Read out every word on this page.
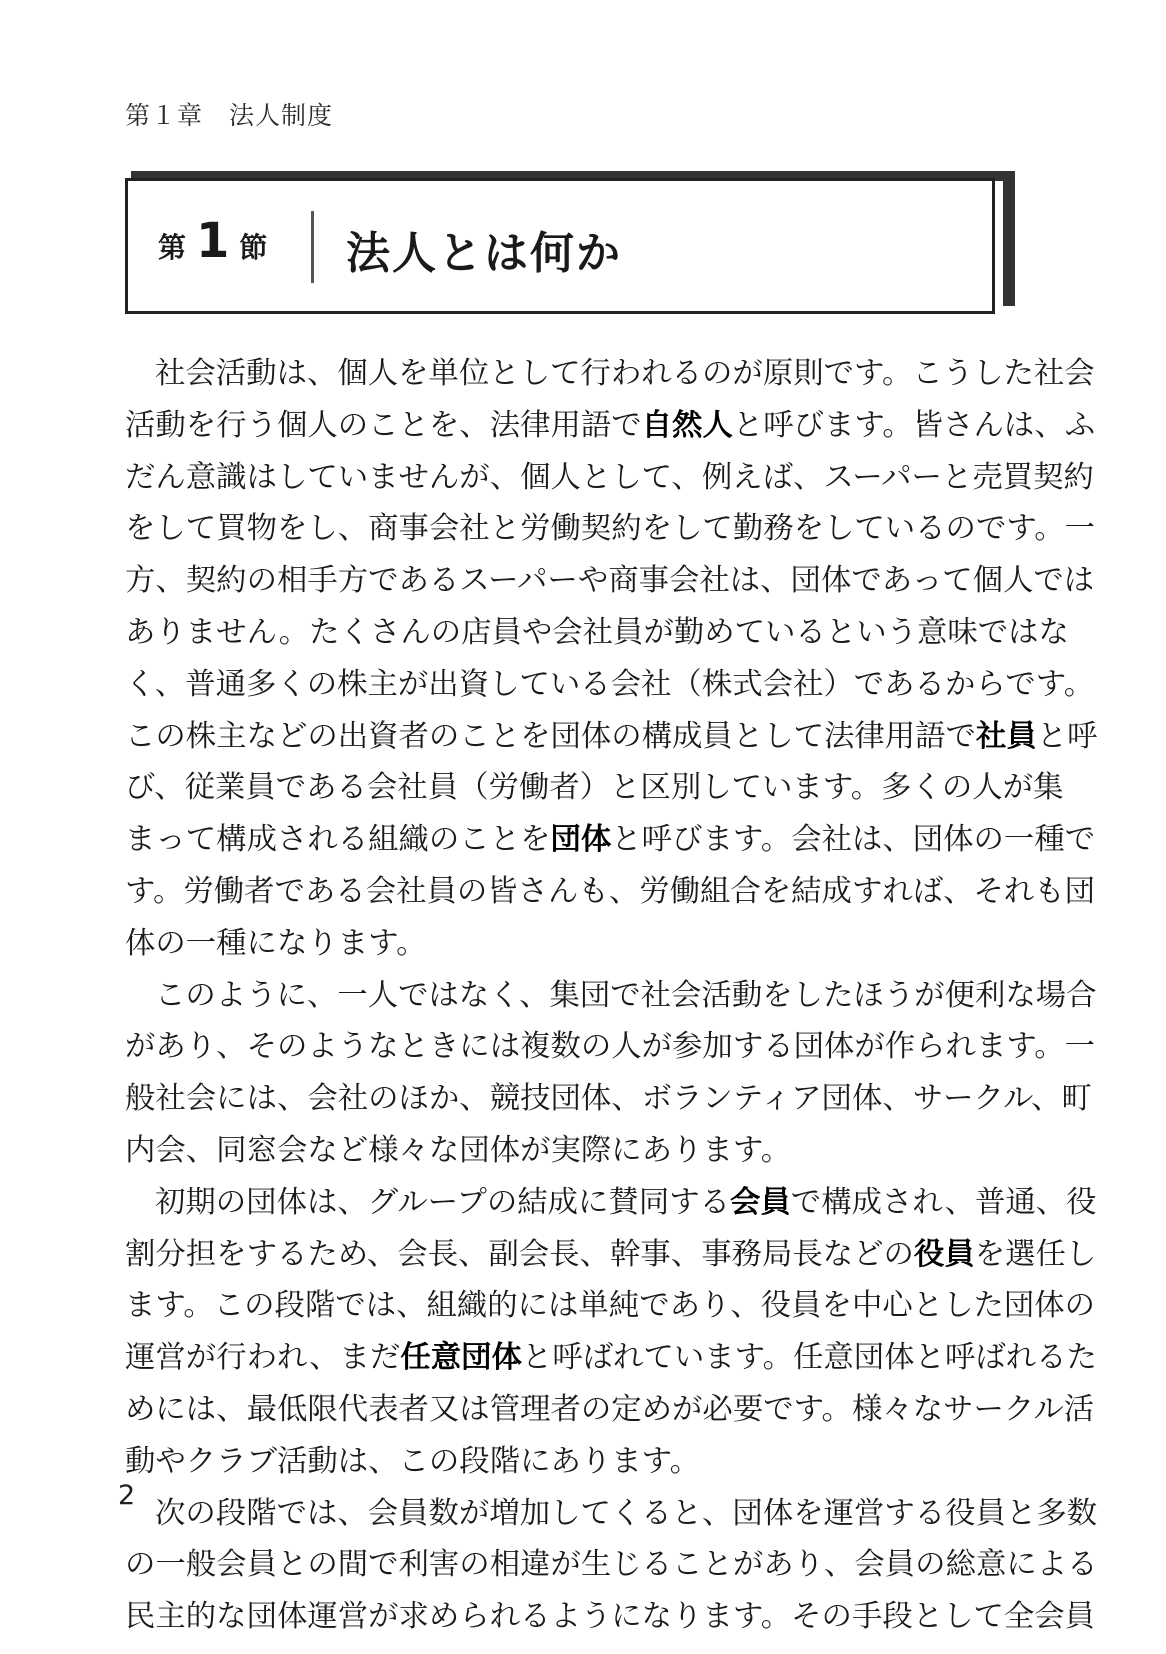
第１章　法人制度
第 1 節 法人とは何か
社会活動は、個人を単位として行われるのが原則です。こうした社会
活動を行う個人のことを、法律用語で自然人と呼びます。皆さんは、ふ
だん意識はしていませんが、個人として、例えば、スーパーと売買契約
をして買物をし、商事会社と労働契約をして勤務をしているのです。一
方、契約の相手方であるスーパーや商事会社は、団体であって個人では
ありません。たくさんの店員や会社員が勤めているという意味ではな
く、普通多くの株主が出資している会社（株式会社）であるからです。
この株主などの出資者のことを団体の構成員として法律用語で社員と呼
び、従業員である会社員（労働者）と区別しています。多くの人が集
まって構成される組織のことを団体と呼びます。会社は、団体の一種で
す。労働者である会社員の皆さんも、労働組合を結成すれば、それも団
体の一種になります。
このように、一人ではなく、集団で社会活動をしたほうが便利な場合
があり、そのようなときには複数の人が参加する団体が作られます。一
般社会には、会社のほか、競技団体、ボランティア団体、サークル、町
内会、同窓会など様々な団体が実際にあります。
初期の団体は、グループの結成に賛同する会員で構成され、普通、役
割分担をするため、会長、副会長、幹事、事務局長などの役員を選任し
ます。この段階では、組織的には単純であり、役員を中心とした団体の
運営が行われ、まだ任意団体と呼ばれています。任意団体と呼ばれるた
めには、最低限代表者又は管理者の定めが必要です。様々なサークル活
動やクラブ活動は、この段階にあります。
次の段階では、会員数が増加してくると、団体を運営する役員と多数
の一般会員との間で利害の相違が生じることがあり、会員の総意による
民主的な団体運営が求められるようになります。その手段として全会員
2
